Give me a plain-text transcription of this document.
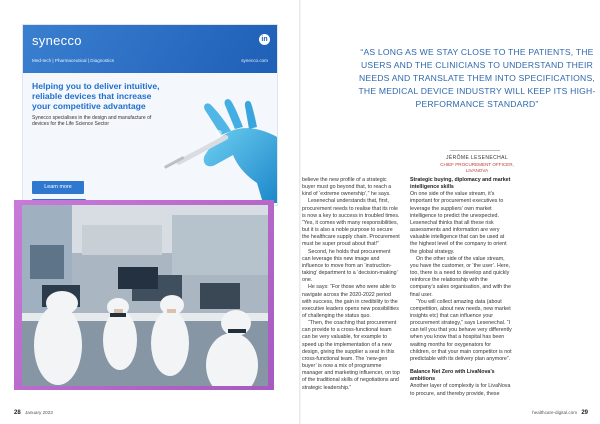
synecco	in
Med-tech | Pharmaceutical | Diagnostics	synecco.com
Helping you to deliver intuitive, reliable devices that increase your competitive advantage
Synecco specialises in the design and manufacture of devices for the Life Science Sector
Learn more

“AS LONG AS WE STAY CLOSE TO THE PATIENTS, THE USERS AND THE CLINICIANS TO UNDERSTAND THEIR NEEDS AND TRANSLATE THEM INTO SPECIFICATIONS, THE MEDICAL DEVICE INDUSTRY WILL KEEP ITS HIGH-PERFORMANCE STANDARD”

JÉRÔME LESENECHAL
CHIEF PROCUREMENT OFFICER,
LIVANOVA

believe the new profile of a strategic buyer must go beyond that, to reach a kind of ‘extreme ownership’,” he says.

Lesenechal understands that, first, procurement needs to realise that its role is now a key to success in troubled times. “Yes, it comes with many responsibilities, but it is also a noble purpose to secure the healthcare supply chain. Procurement must be super proud about that!”

Second, he holds that procurement can leverage this new image and influence to move from an ‘instruction-taking’ department to a ‘decision-making’ one.

He says: “For those who were able to navigate across the 2020-2022 period with success, the gain in credibility to the executive leaders opens new possibilities of challenging the status quo.

“Then, the coaching that procurement can provide to a cross-functional team can be very valuable, for example to speed up the implementation of a new design, giving the supplier a seat in this cross-functional team. The ‘new-gen buyer’ is now a mix of programme manager and marketing influencer, on top of the traditional skills of negotiations and strategic leadership.”

Strategic buying, diplomacy and market intelligence skills

On one side of the value stream, it’s important for procurement executives to leverage the suppliers’ own market intelligence to predict the unexpected. Lesenechal thinks that all these risk assessments and information are very valuable intelligence that can be used at the highest level of the company to orient the global strategy.

On the other side of the value stream, you have the customer, or ‘the user’. Here, too, there is a need to develop and quickly reinforce the relationship with the company’s sales organisation, and with the final user.

“You will collect amazing data (about competition, about new needs, new market insights etc) that can influence your procurement strategy,” says Lesenechal. “I can tell you that you behave very differently when you know that a hospital has been waiting months for oxygenators for children, or that your main competitor is not predictable with its delivery plan anymore”.

Balance Net Zero with LivaNova’s ambitions

Another layer of complexity is for LivaNova to procure, and thereby provide, these

28 January 2023	healthcare-digital.com 29
